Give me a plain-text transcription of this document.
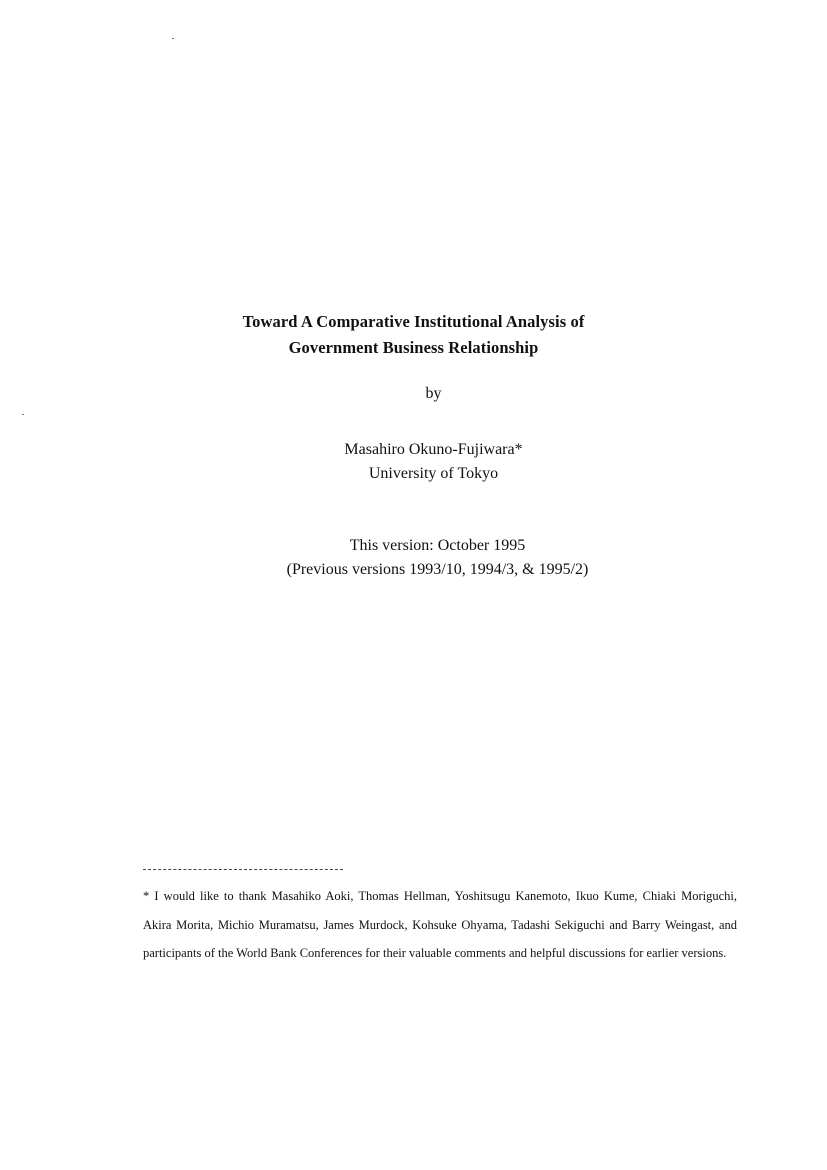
Toward A Comparative Institutional Analysis of
Government Business Relationship
by
Masahiro Okuno-Fujiwara*
University of Tokyo
This version: October 1995
(Previous versions 1993/10, 1994/3, & 1995/2)
* I would like to thank Masahiko Aoki, Thomas Hellman, Yoshitsugu Kanemoto, Ikuo Kume, Chiaki Moriguchi, Akira Morita, Michio Muramatsu, James Murdock, Kohsuke Ohyama, Tadashi Sekiguchi and Barry Weingast, and participants of the World Bank Conferences for their valuable comments and helpful discussions for earlier versions.
